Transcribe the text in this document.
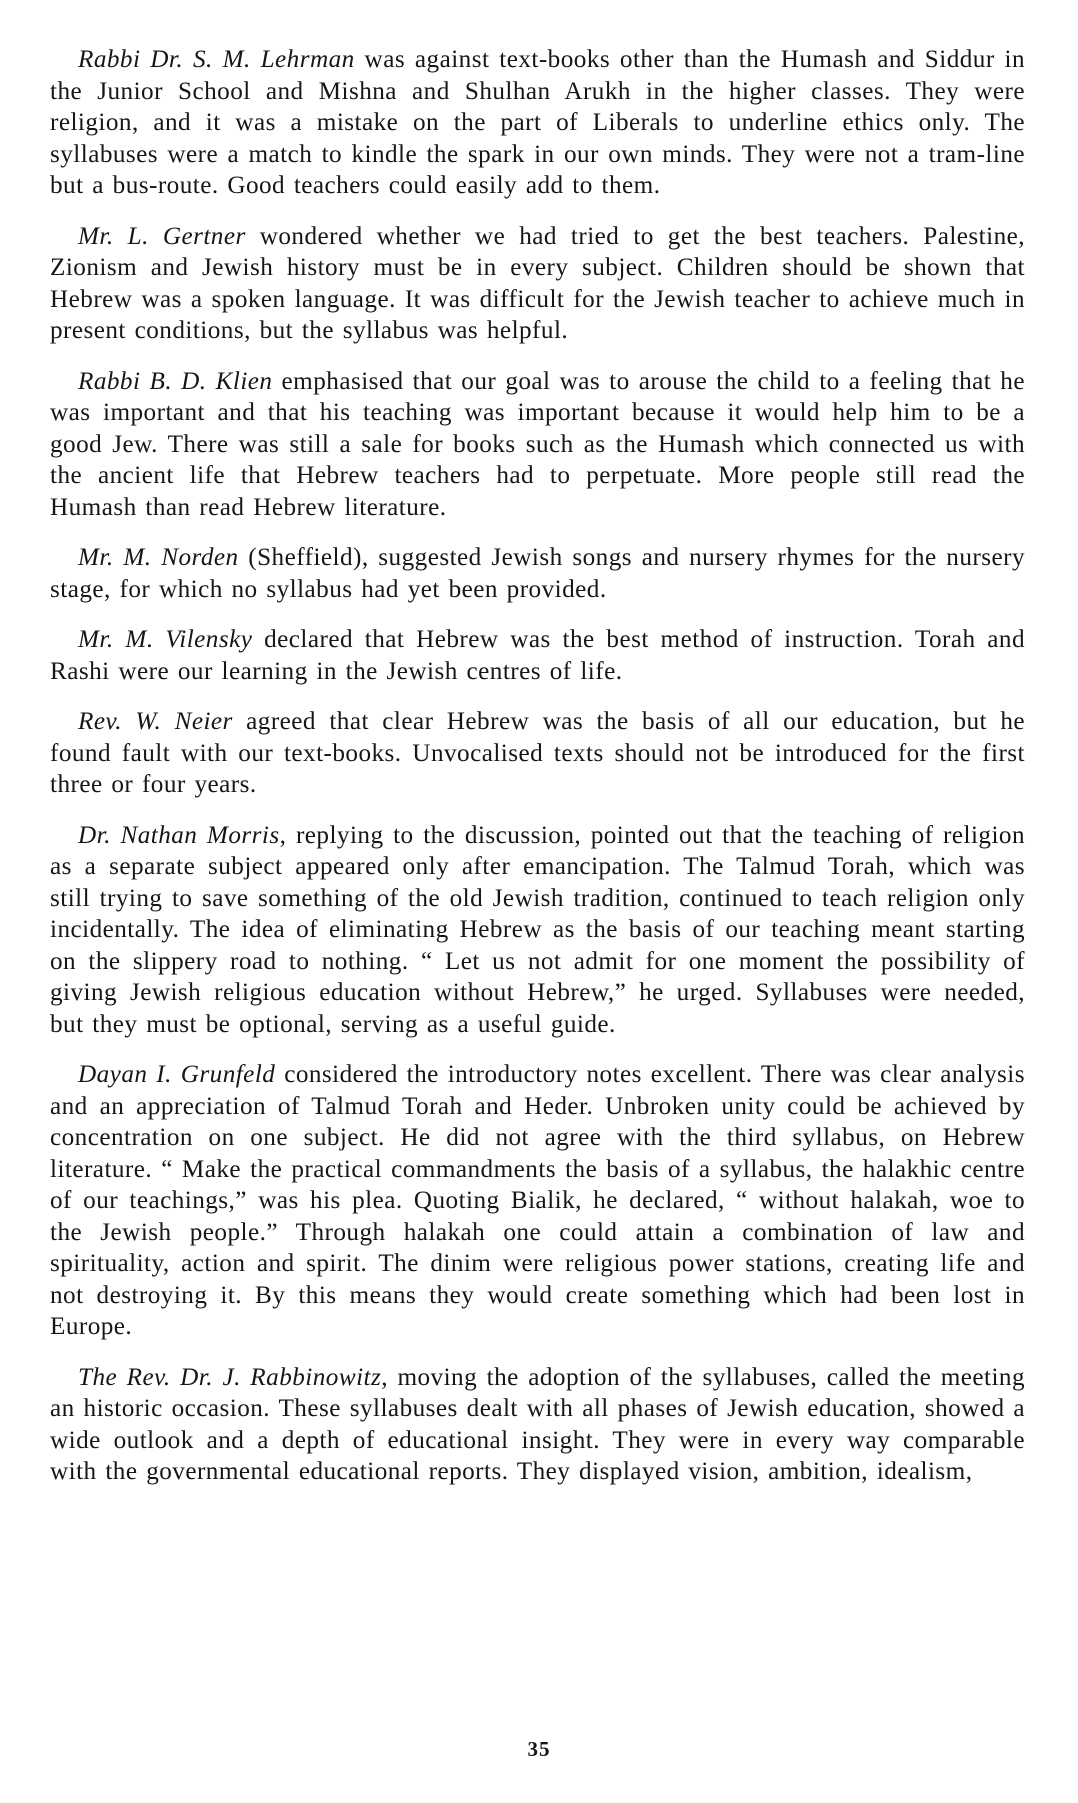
Rabbi Dr. S. M. Lehrman was against text-books other than the Humash and Siddur in the Junior School and Mishna and Shulhan Arukh in the higher classes. They were religion, and it was a mistake on the part of Liberals to underline ethics only. The syllabuses were a match to kindle the spark in our own minds. They were not a tram-line but a bus-route. Good teachers could easily add to them.

Mr. L. Gertner wondered whether we had tried to get the best teachers. Palestine, Zionism and Jewish history must be in every subject. Children should be shown that Hebrew was a spoken language. It was difficult for the Jewish teacher to achieve much in present conditions, but the syllabus was helpful.

Rabbi B. D. Klien emphasised that our goal was to arouse the child to a feeling that he was important and that his teaching was important because it would help him to be a good Jew. There was still a sale for books such as the Humash which connected us with the ancient life that Hebrew teachers had to perpetuate. More people still read the Humash than read Hebrew literature.

Mr. M. Norden (Sheffield), suggested Jewish songs and nursery rhymes for the nursery stage, for which no syllabus had yet been provided.

Mr. M. Vilensky declared that Hebrew was the best method of instruction. Torah and Rashi were our learning in the Jewish centres of life.

Rev. W. Neier agreed that clear Hebrew was the basis of all our education, but he found fault with our text-books. Unvocalised texts should not be introduced for the first three or four years.

Dr. Nathan Morris, replying to the discussion, pointed out that the teaching of religion as a separate subject appeared only after emancipation. The Talmud Torah, which was still trying to save something of the old Jewish tradition, continued to teach religion only incidentally. The idea of eliminating Hebrew as the basis of our teaching meant starting on the slippery road to nothing. “ Let us not admit for one moment the possibility of giving Jewish religious education without Hebrew,” he urged. Syllabuses were needed, but they must be optional, serving as a useful guide.

Dayan I. Grunfeld considered the introductory notes excellent. There was clear analysis and an appreciation of Talmud Torah and Heder. Unbroken unity could be achieved by concentration on one subject. He did not agree with the third syllabus, on Hebrew literature. “ Make the practical commandments the basis of a syllabus, the halakhic centre of our teachings,” was his plea. Quoting Bialik, he declared, “ without halakah, woe to the Jewish people.” Through halakah one could attain a combination of law and spirituality, action and spirit. The dinim were religious power stations, creating life and not destroying it. By this means they would create something which had been lost in Europe.

The Rev. Dr. J. Rabbinowitz, moving the adoption of the syllabuses, called the meeting an historic occasion. These syllabuses dealt with all phases of Jewish education, showed a wide outlook and a depth of educational insight. They were in every way comparable with the governmental educational reports. They displayed vision, ambition, idealism,

35
